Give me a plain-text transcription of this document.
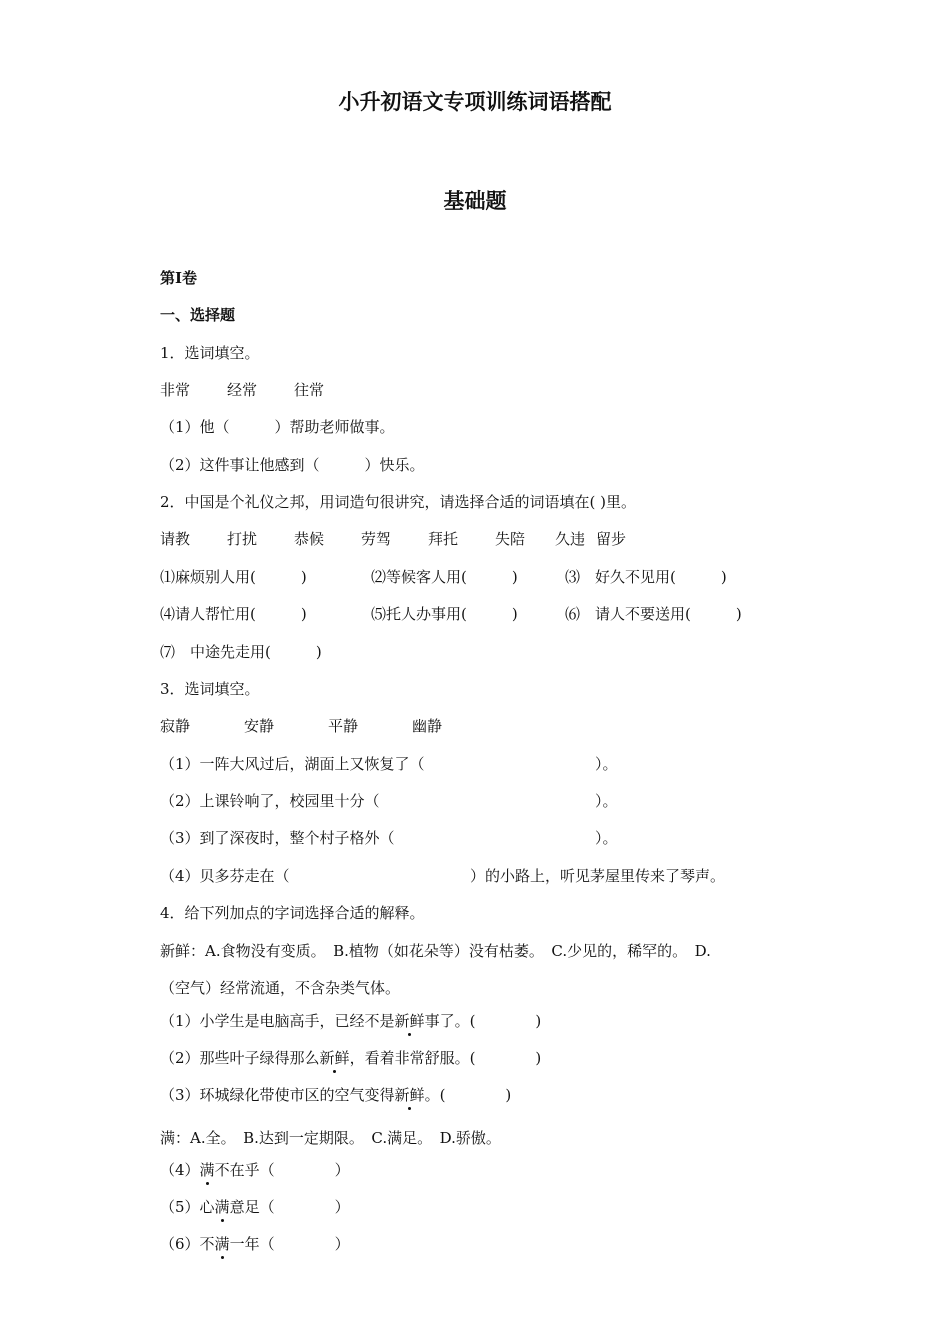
小升初语文专项训练词语搭配
基础题
第Ⅰ卷
一、选择题
1．选词填空。
非常 经常 往常
（1）他（　　　）帮助老师做事。
（2）这件事让他感到（　　　）快乐。
2．中国是个礼仪之邦，用词造句很讲究，请选择合适的词语填在( )里。
请教 打扰 恭候 劳驾 拜托 失陪 久违 留步
⑴麻烦别人用(　　　)	⑵等候客人用(　　　)	⑶　好久不见用(　　　)
⑷请人帮忙用(　　　)	⑸托人办事用(　　　)	⑹　请人不要送用(　　　)
⑺　中途先走用(　　　)
3．选词填空。
寂静	安静	平静	幽静
（1）一阵大风过后，湖面上又恢复了（	）。
（2）上课铃响了，校园里十分（	）。
（3）到了深夜时，整个村子格外（	）。
（4）贝多芬走在（	）的小路上，听见茅屋里传来了琴声。
4．给下列加点的字词选择合适的解释。
新鲜：A.食物没有变质。　B.植物（如花朵等）没有枯萎。　C.少见的，稀罕的。　D.
（空气）经常流通，不含杂类气体。
（1）小学生是电脑高手，已经不是新鲜事了。(　　　　)
（2）那些叶子绿得那么新鲜，看着非常舒服。(　　　　)
（3）环城绿化带使市区的空气变得新鲜。(　　　　)
满：A.全。　B.达到一定期限。　C.满足。　D.骄傲。
（4）满不在乎（　　　　）
（5）心满意足（　　　　）
（6）不满一年（　　　　）
